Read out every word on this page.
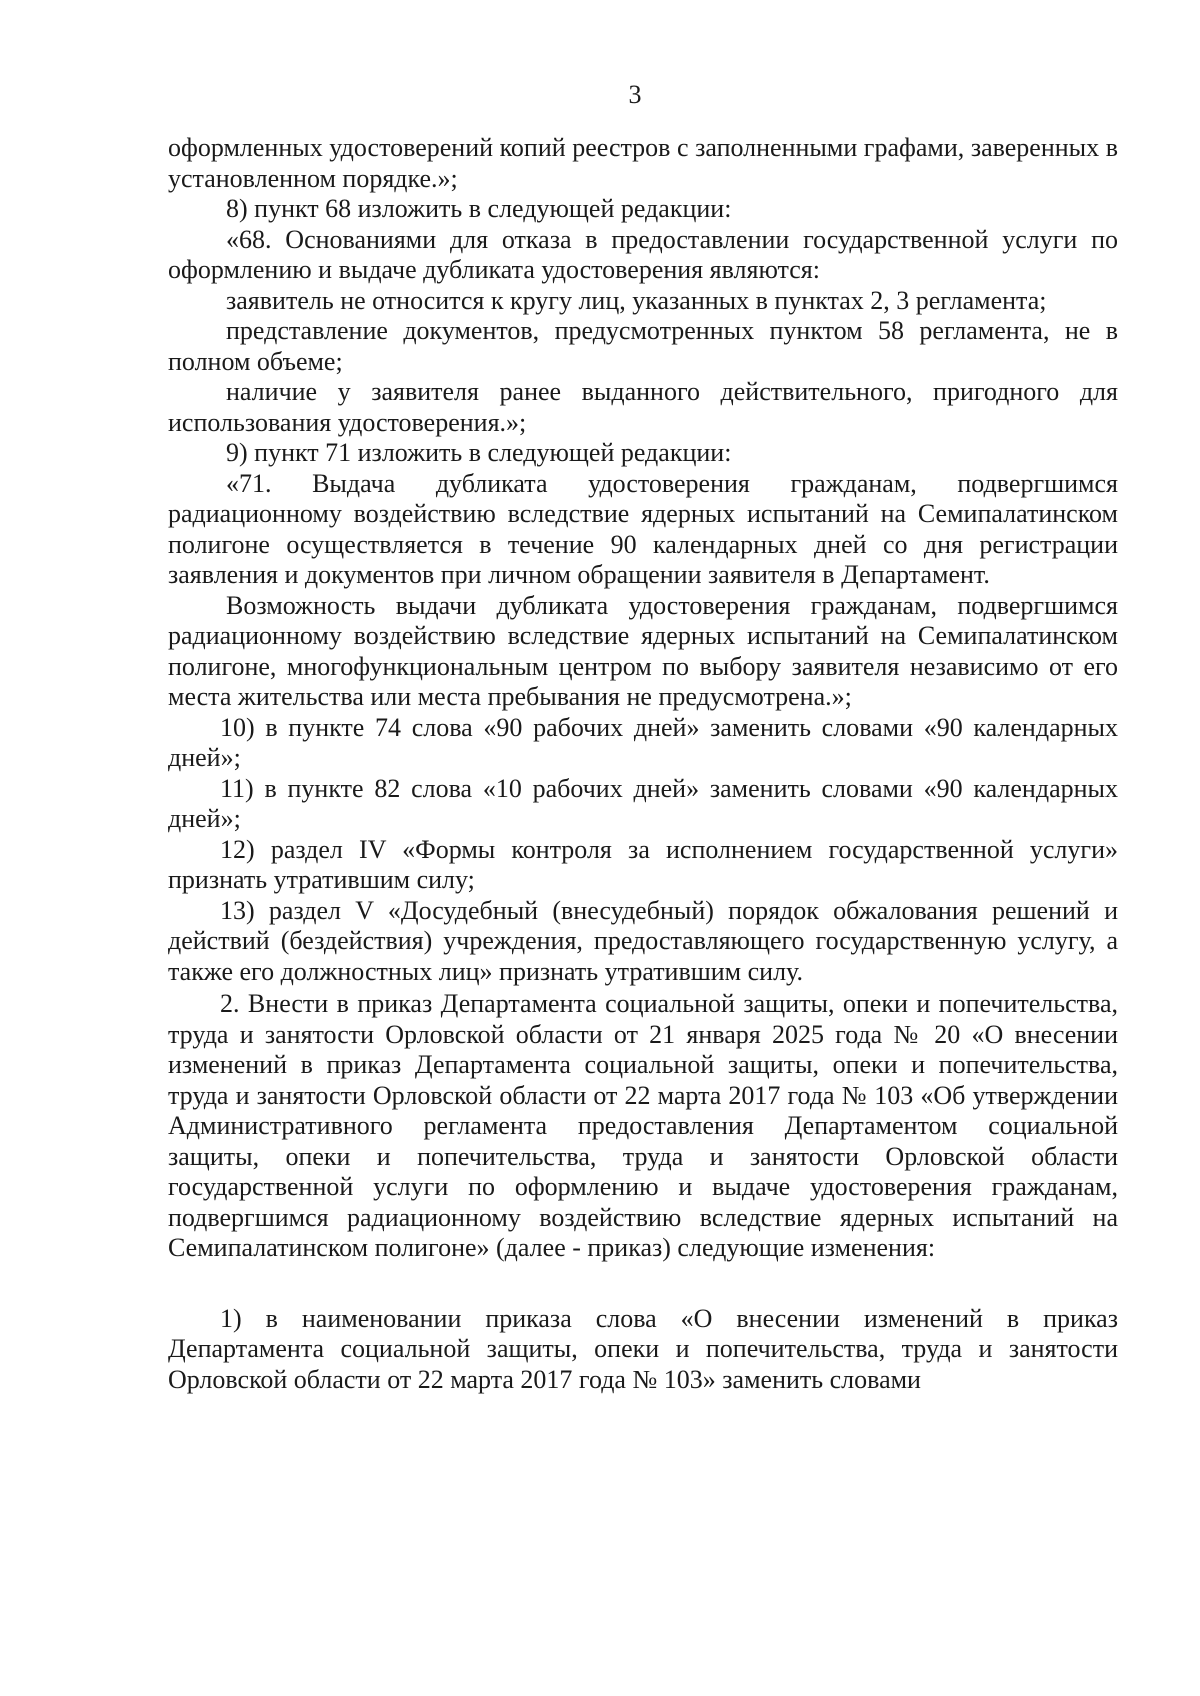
3

оформленных удостоверений копий реестров с заполненными графами, заверенных в установленном порядке.»;

8) пункт 68 изложить в следующей редакции:

«68. Основаниями для отказа в предоставлении государственной услуги по оформлению и выдаче дубликата удостоверения являются:

заявитель не относится к кругу лиц, указанных в пунктах 2, 3 регламента;

представление документов, предусмотренных пунктом 58 регламента, не в полном объеме;

наличие у заявителя ранее выданного действительного, пригодного для использования удостоверения.»;

9) пункт 71 изложить в следующей редакции:

«71. Выдача дубликата удостоверения гражданам, подвергшимся радиационному воздействию вследствие ядерных испытаний на Семипалатинском полигоне осуществляется в течение 90 календарных дней со дня регистрации заявления и документов при личном обращении заявителя в Департамент.

Возможность выдачи дубликата удостоверения гражданам, подвергшимся радиационному воздействию вследствие ядерных испытаний на Семипалатинском полигоне, многофункциональным центром по выбору заявителя независимо от его места жительства или места пребывания не предусмотрена.»;

10) в пункте 74 слова «90 рабочих дней» заменить словами «90 календарных дней»;

11) в пункте 82 слова «10 рабочих дней» заменить словами «90 календарных дней»;

12) раздел IV «Формы контроля за исполнением государственной услуги» признать утратившим силу;

13) раздел V «Досудебный (внесудебный) порядок обжалования решений и действий (бездействия) учреждения, предоставляющего государственную услугу, а также его должностных лиц» признать утратившим силу.

2. Внести в приказ Департамента социальной защиты, опеки и попечительства, труда и занятости Орловской области от 21 января 2025 года № 20 «О внесении изменений в приказ Департамента социальной защиты, опеки и попечительства, труда и занятости Орловской области от 22 марта 2017 года № 103 «Об утверждении Административного регламента предоставления Департаментом социальной защиты, опеки и попечительства, труда и занятости Орловской области государственной услуги по оформлению и выдаче удостоверения гражданам, подвергшимся радиационному воздействию вследствие ядерных испытаний на Семипалатинском полигоне» (далее - приказ) следующие изменения:

1) в наименовании приказа слова «О внесении изменений в приказ Департамента социальной защиты, опеки и попечительства, труда и занятости Орловской области от 22 марта 2017 года № 103» заменить словами
